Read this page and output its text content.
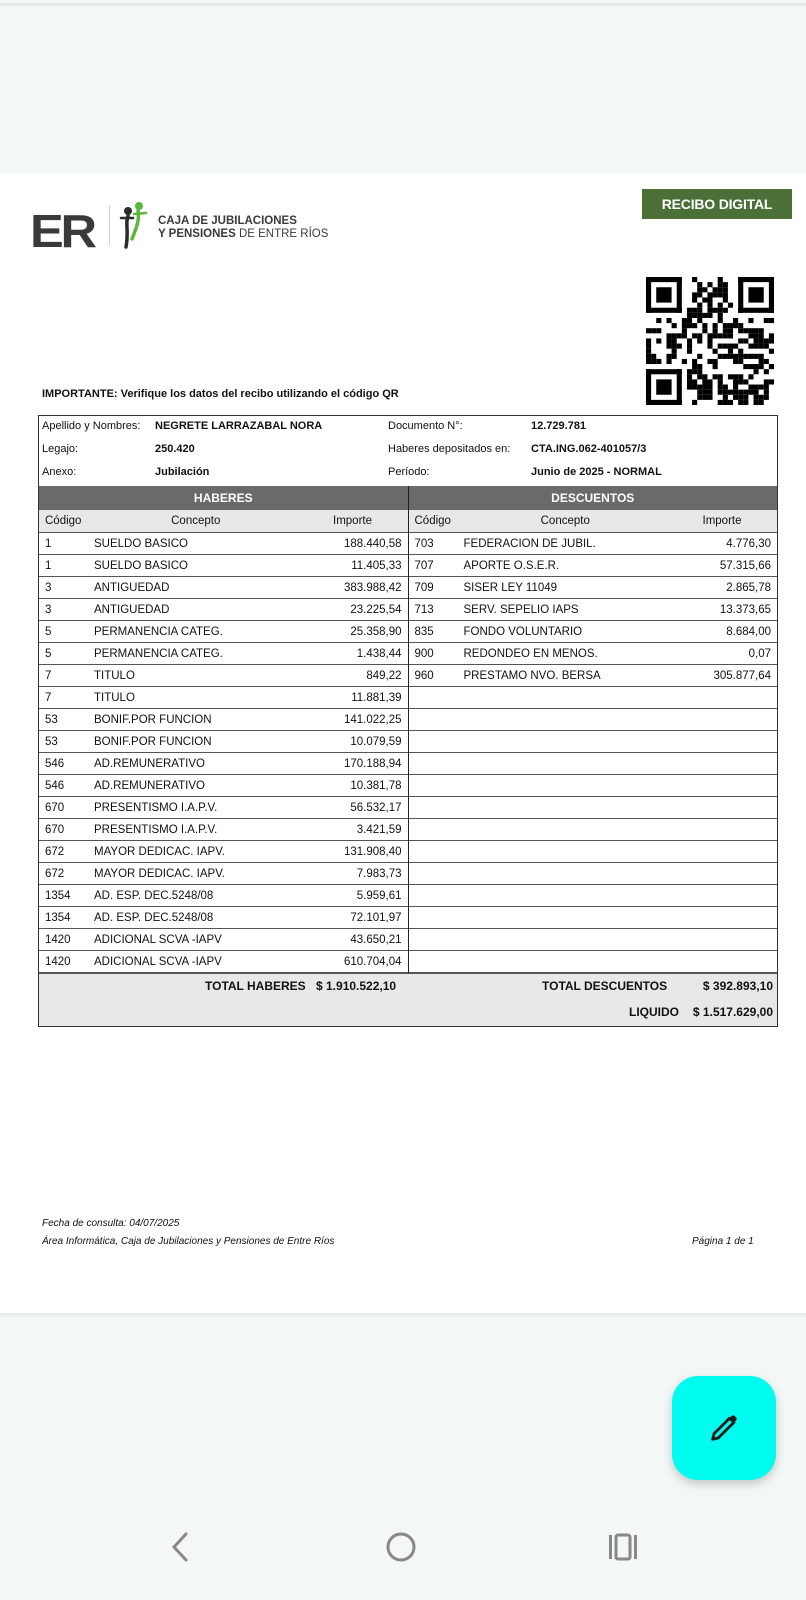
ER	CAJA DE JUBILACIONES
Y PENSIONES DE ENTRE RÍOS
RECIBO DIGITAL
IMPORTANTE: Verifique los datos del recibo utilizando el código QR
Apellido y Nombres: NEGRETE LARRAZABAL NORA
Legajo:	250.420
Anexo:	Jubilación
Documento N°:	12.729.781
Haberes depositados en: CTA.ING.062-401057/3
Período:	Junio de 2025 - NORMAL
HABERES	DESCUENTOS
Código	Concepto	Importe
1	SUELDO BASICO	188.440,58
1	SUELDO BASICO	11.405,33
3	ANTIGUEDAD	383.988,42
3	ANTIGUEDAD	23.225,54
5	PERMANENCIA CATEG.	25.358,90
5	PERMANENCIA CATEG.	1.438,44
7	TITULO	849,22
7	TITULO	11.881,39
53	BONIF.POR FUNCION	141.022,25
53	BONIF.POR FUNCION	10.079,59
546	AD.REMUNERATIVO	170.188,94
546	AD.REMUNERATIVO	10.381,78
670	PRESENTISMO I.A.P.V.	56.532,17
670	PRESENTISMO I.A.P.V.	3.421,59
672	MAYOR DEDICAC. IAPV.	131.908,40
672	MAYOR DEDICAC. IAPV.	7.983,73
1354	AD. ESP. DEC.5248/08	5.959,61
1354	AD. ESP. DEC.5248/08	72.101,97
1420	ADICIONAL SCVA -IAPV	43.650,21
1420	ADICIONAL SCVA -IAPV	610.704,04
Código	Concepto	Importe
703	FEDERACION DE JUBIL.	4.776,30
707	APORTE O.S.E.R.	57.315,66
709	SISER LEY 11049	2.865,78
713	SERV. SEPELIO IAPS	13.373,65
835	FONDO VOLUNTARIO	8.684,00
900	REDONDEO EN MENOS.	0,07
960	PRESTAMO NVO. BERSA	305.877,64
TOTAL HABERES $ 1.910.522,10	TOTAL DESCUENTOS	$ 392.893,10
LIQUIDO $ 1.517.629,00
Fecha de consulta: 04/07/2025
Área Informática, Caja de Jubilaciones y Pensiones de Entre Ríos	Página 1 de 1
